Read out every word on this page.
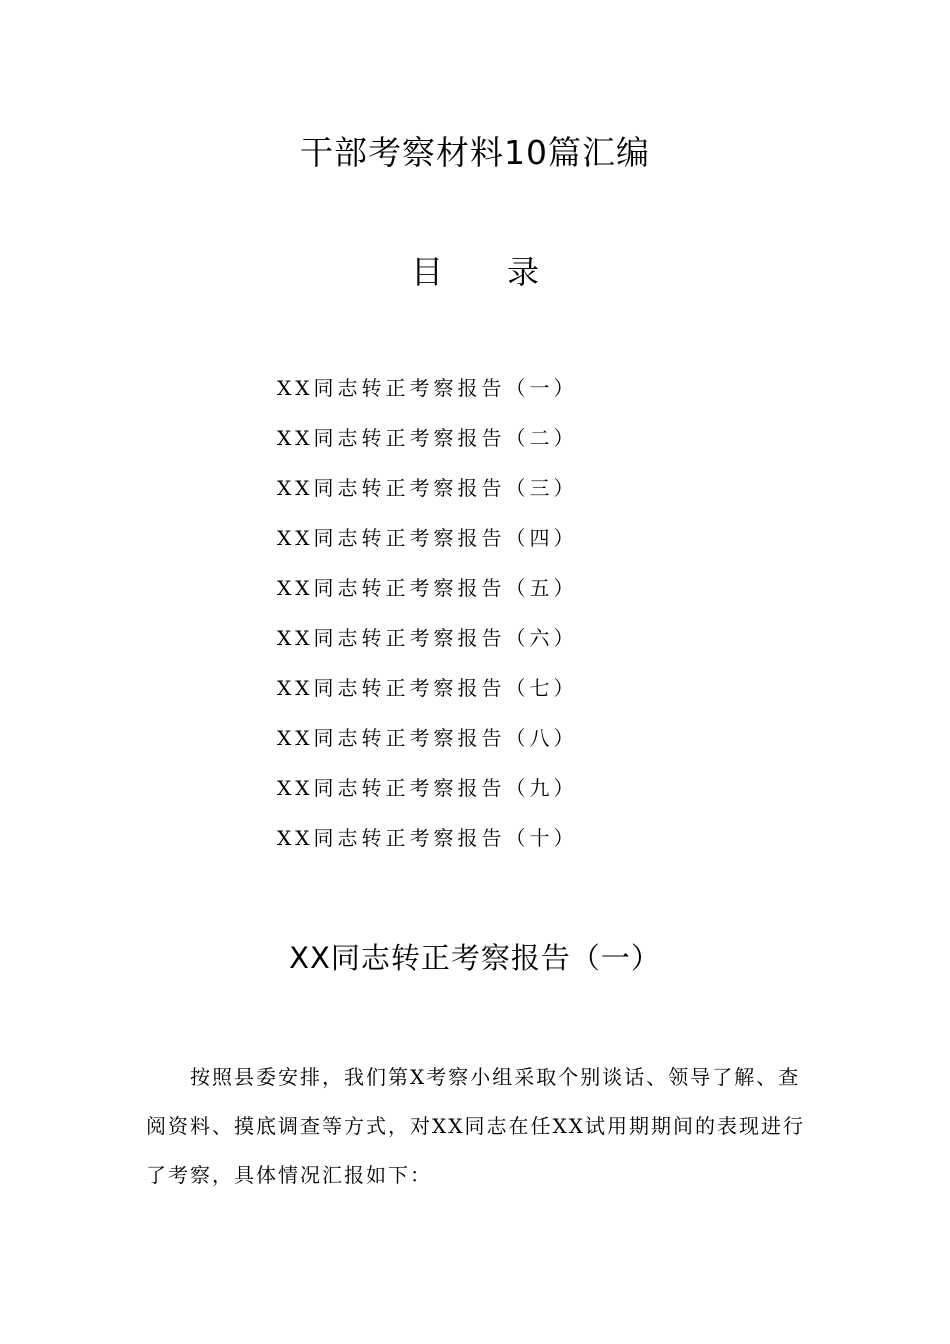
干部考察材料10篇汇编
目 录
XX同志转正考察报告（一）
XX同志转正考察报告（二）
XX同志转正考察报告（三）
XX同志转正考察报告（四）
XX同志转正考察报告（五）
XX同志转正考察报告（六）
XX同志转正考察报告（七）
XX同志转正考察报告（八）
XX同志转正考察报告（九）
XX同志转正考察报告（十）
XX同志转正考察报告（一）

按照县委安排，我们第X考察小组采取个别谈话、领导了解、查阅资料、摸底调查等方式，对XX同志在任XX试用期期间的表现进行了考察，具体情况汇报如下：
